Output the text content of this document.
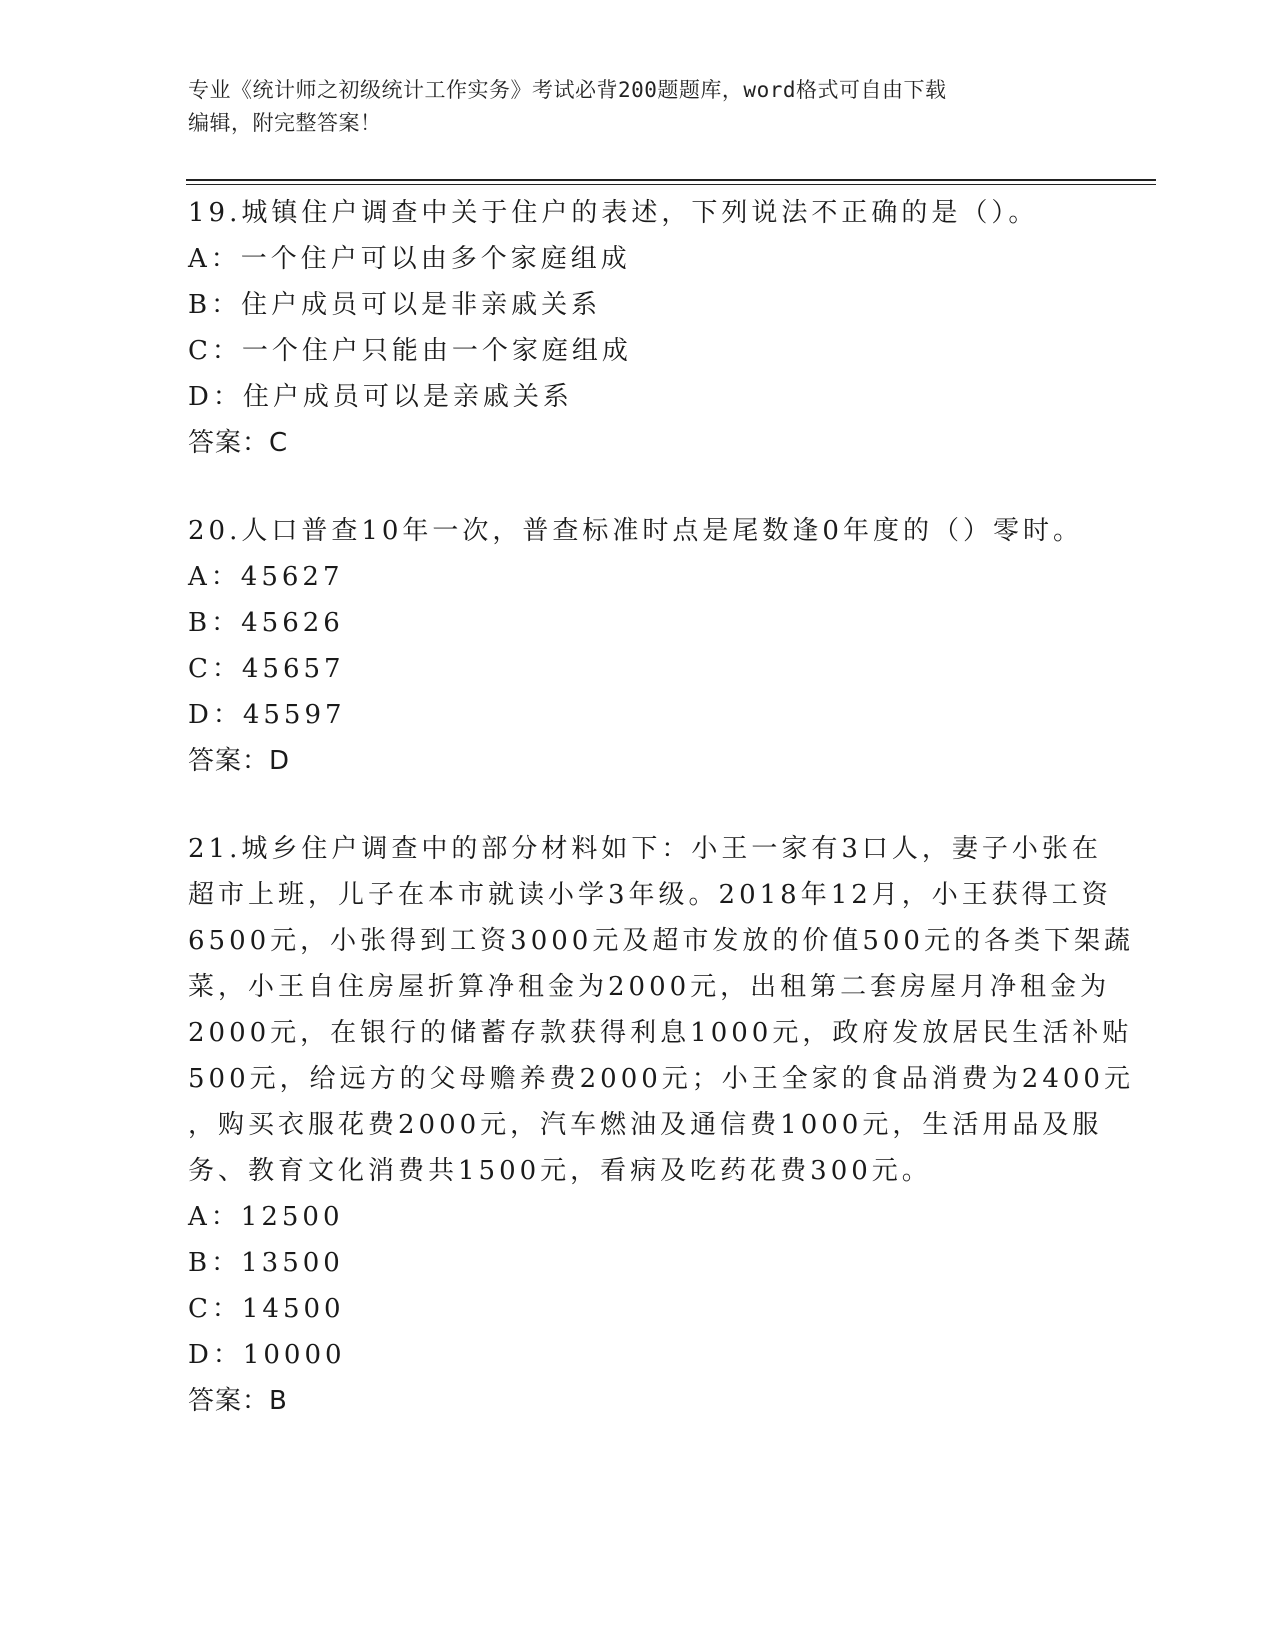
专业《统计师之初级统计工作实务》考试必背200题题库，word格式可自由下载
编辑，附完整答案！
19.城镇住户调查中关于住户的表述，下列说法不正确的是（）。
A：一个住户可以由多个家庭组成
B：住户成员可以是非亲戚关系
C：一个住户只能由一个家庭组成
D：住户成员可以是亲戚关系
答案：C
20.人口普查10年一次，普查标准时点是尾数逢0年度的（）零时。
A：45627
B：45626
C：45657
D：45597
答案：D
21.城乡住户调查中的部分材料如下：小王一家有3口人，妻子小张在
超市上班，儿子在本市就读小学3年级。2018年12月，小王获得工资
6500元，小张得到工资3000元及超市发放的价值500元的各类下架蔬
菜，小王自住房屋折算净租金为2000元，出租第二套房屋月净租金为
2000元，在银行的储蓄存款获得利息1000元，政府发放居民生活补贴
500元，给远方的父母赡养费2000元；小王全家的食品消费为2400元
，购买衣服花费2000元，汽车燃油及通信费1000元，生活用品及服
务、教育文化消费共1500元，看病及吃药花费300元。
A：12500
B：13500
C：14500
D：10000
答案：B
